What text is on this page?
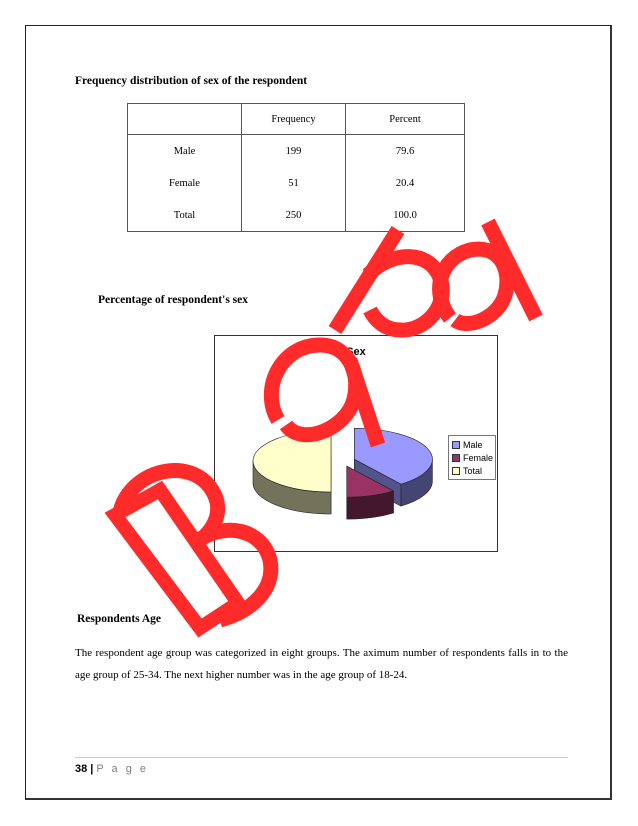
Frequency distribution of sex of the respondent
	Frequency	Percent
Male	199	79.6
Female	51	20.4
Total	250	100.0
Percentage of respondent's sex
Sex
Male
Female
Total
Respondents Age
The respondent age group was categorized in eight groups. The aximum number of respondents falls in to the age group of 25-34. The next higher number was in the age group of 18-24.
38 | P a g e
